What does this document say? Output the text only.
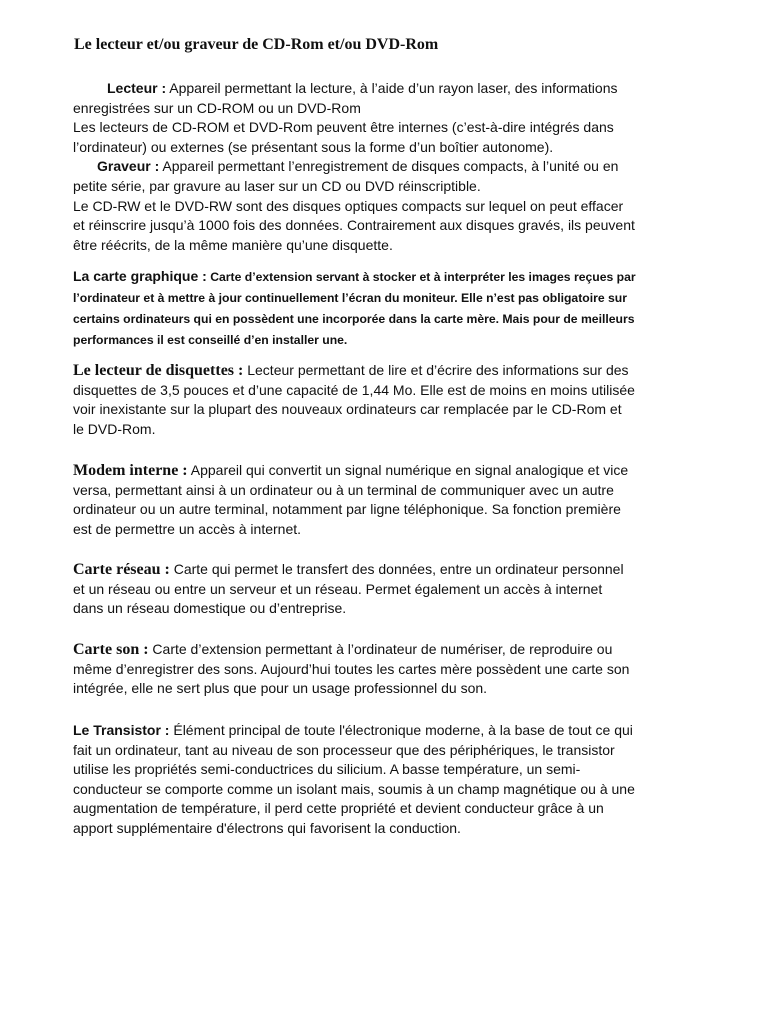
Le lecteur et/ou graveur de CD-Rom et/ou DVD-Rom
Lecteur : Appareil permettant la lecture, à l’aide d’un rayon laser, des informations
enregistrées sur un CD-ROM ou un DVD-Rom
Les lecteurs de CD-ROM et DVD-Rom peuvent être internes (c’est-à-dire intégrés dans
l’ordinateur) ou externes (se présentant sous la forme d’un boîtier autonome).
Graveur : Appareil permettant l’enregistrement de disques compacts, à l’unité ou en
petite série, par gravure au laser sur un CD ou DVD réinscriptible.
Le CD-RW et le DVD-RW sont des disques optiques compacts sur lequel on peut effacer
et réinscrire jusqu’à 1000 fois des données. Contrairement aux disques gravés, ils peuvent
être réécrits, de la même manière qu’une disquette.
La carte graphique : Carte d’extension servant à stocker et à interpréter les images reçues par
l’ordinateur et à mettre à jour continuellement l’écran du moniteur. Elle n’est pas obligatoire sur
certains ordinateurs qui en possèdent une incorporée dans la carte mère. Mais pour de meilleurs
performances il est conseillé d’en installer une.
Le lecteur de disquettes : Lecteur permettant de lire et d’écrire des informations sur des
disquettes de 3,5 pouces et d’une capacité de 1,44 Mo. Elle est de moins en moins utilisée
voir inexistante sur la plupart des nouveaux ordinateurs car remplacée par le CD-Rom et
le DVD-Rom.
Modem interne : Appareil qui convertit un signal numérique en signal analogique et vice
versa, permettant ainsi à un ordinateur ou à un terminal de communiquer avec un autre
ordinateur ou un autre terminal, notamment par ligne téléphonique. Sa fonction première
est de permettre un accès à internet.
Carte réseau : Carte qui permet le transfert des données, entre un ordinateur personnel
et un réseau ou entre un serveur et un réseau. Permet également un accès à internet
dans un réseau domestique ou d’entreprise.
Carte son : Carte d’extension permettant à l’ordinateur de numériser, de reproduire ou
même d’enregistrer des sons. Aujourd’hui toutes les cartes mère possèdent une carte son
intégrée, elle ne sert plus que pour un usage professionnel du son.
Le Transistor : Élément principal de toute l'électronique moderne, à la base de tout ce qui
fait un ordinateur, tant au niveau de son processeur que des périphériques, le transistor
utilise les propriétés semi-conductrices du silicium. A basse température, un semi-
conducteur se comporte comme un isolant mais, soumis à un champ magnétique ou à une
augmentation de température, il perd cette propriété et devient conducteur grâce à un
apport supplémentaire d'électrons qui favorisent la conduction.
